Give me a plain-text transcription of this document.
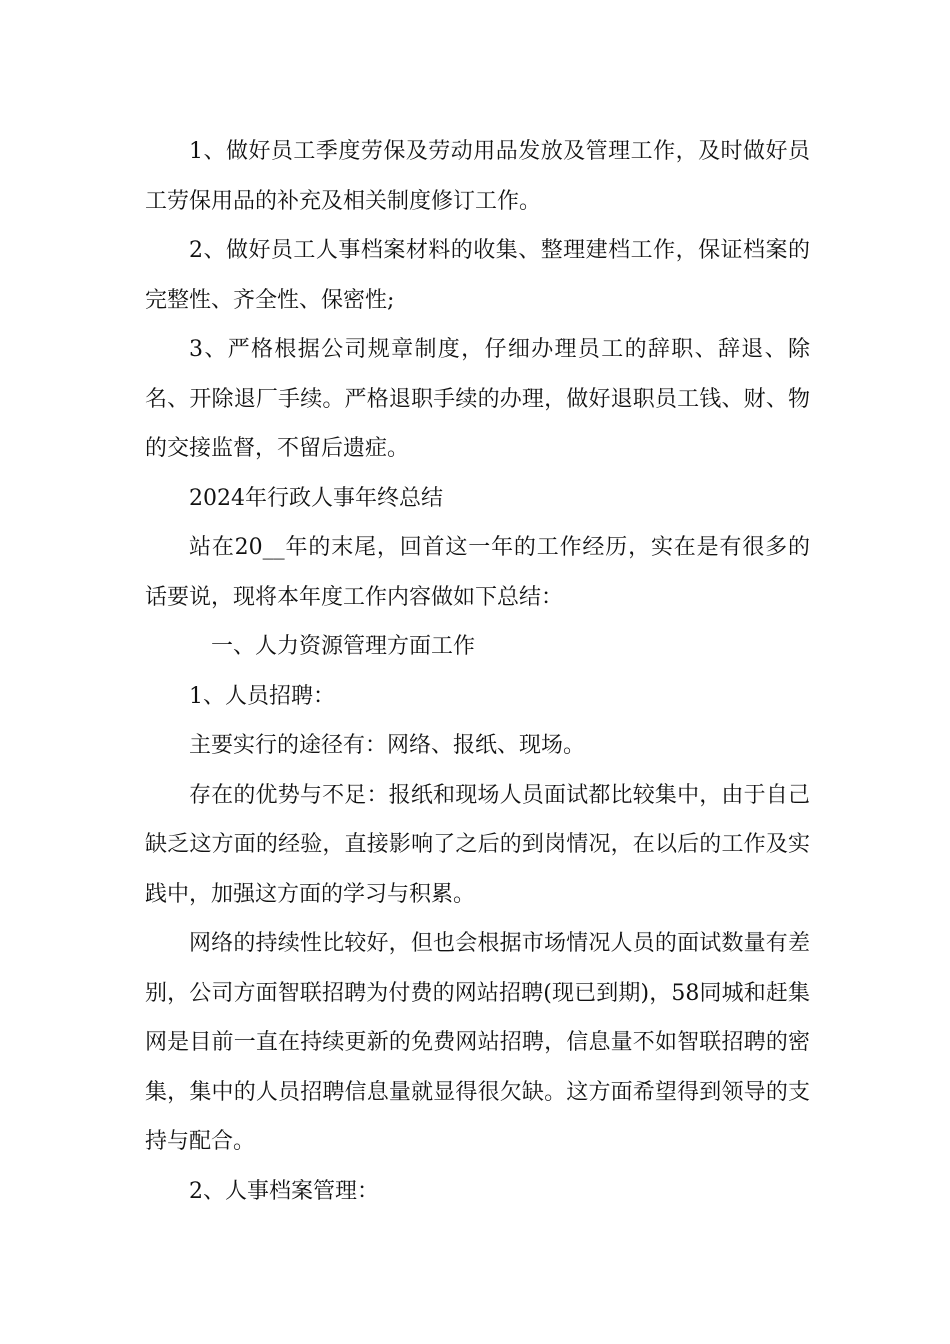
1、做好员工季度劳保及劳动用品发放及管理工作，及时做好员工劳保用品的补充及相关制度修订工作。

2、做好员工人事档案材料的收集、整理建档工作，保证档案的完整性、齐全性、保密性;

3、严格根据公司规章制度，仔细办理员工的辞职、辞退、除名、开除退厂手续。严格退职手续的办理，做好退职员工钱、财、物的交接监督，不留后遗症。

2024年行政人事年终总结

站在20__年的末尾，回首这一年的工作经历，实在是有很多的话要说，现将本年度工作内容做如下总结：

一、人力资源管理方面工作

1、人员招聘：

主要实行的途径有：网络、报纸、现场。

存在的优势与不足：报纸和现场人员面试都比较集中，由于自己缺乏这方面的经验，直接影响了之后的到岗情况，在以后的工作及实践中，加强这方面的学习与积累。

网络的持续性比较好，但也会根据市场情况人员的面试数量有差别，公司方面智联招聘为付费的网站招聘(现已到期)，58同城和赶集网是目前一直在持续更新的免费网站招聘，信息量不如智联招聘的密集，集中的人员招聘信息量就显得很欠缺。这方面希望得到领导的支持与配合。

2、人事档案管理：
